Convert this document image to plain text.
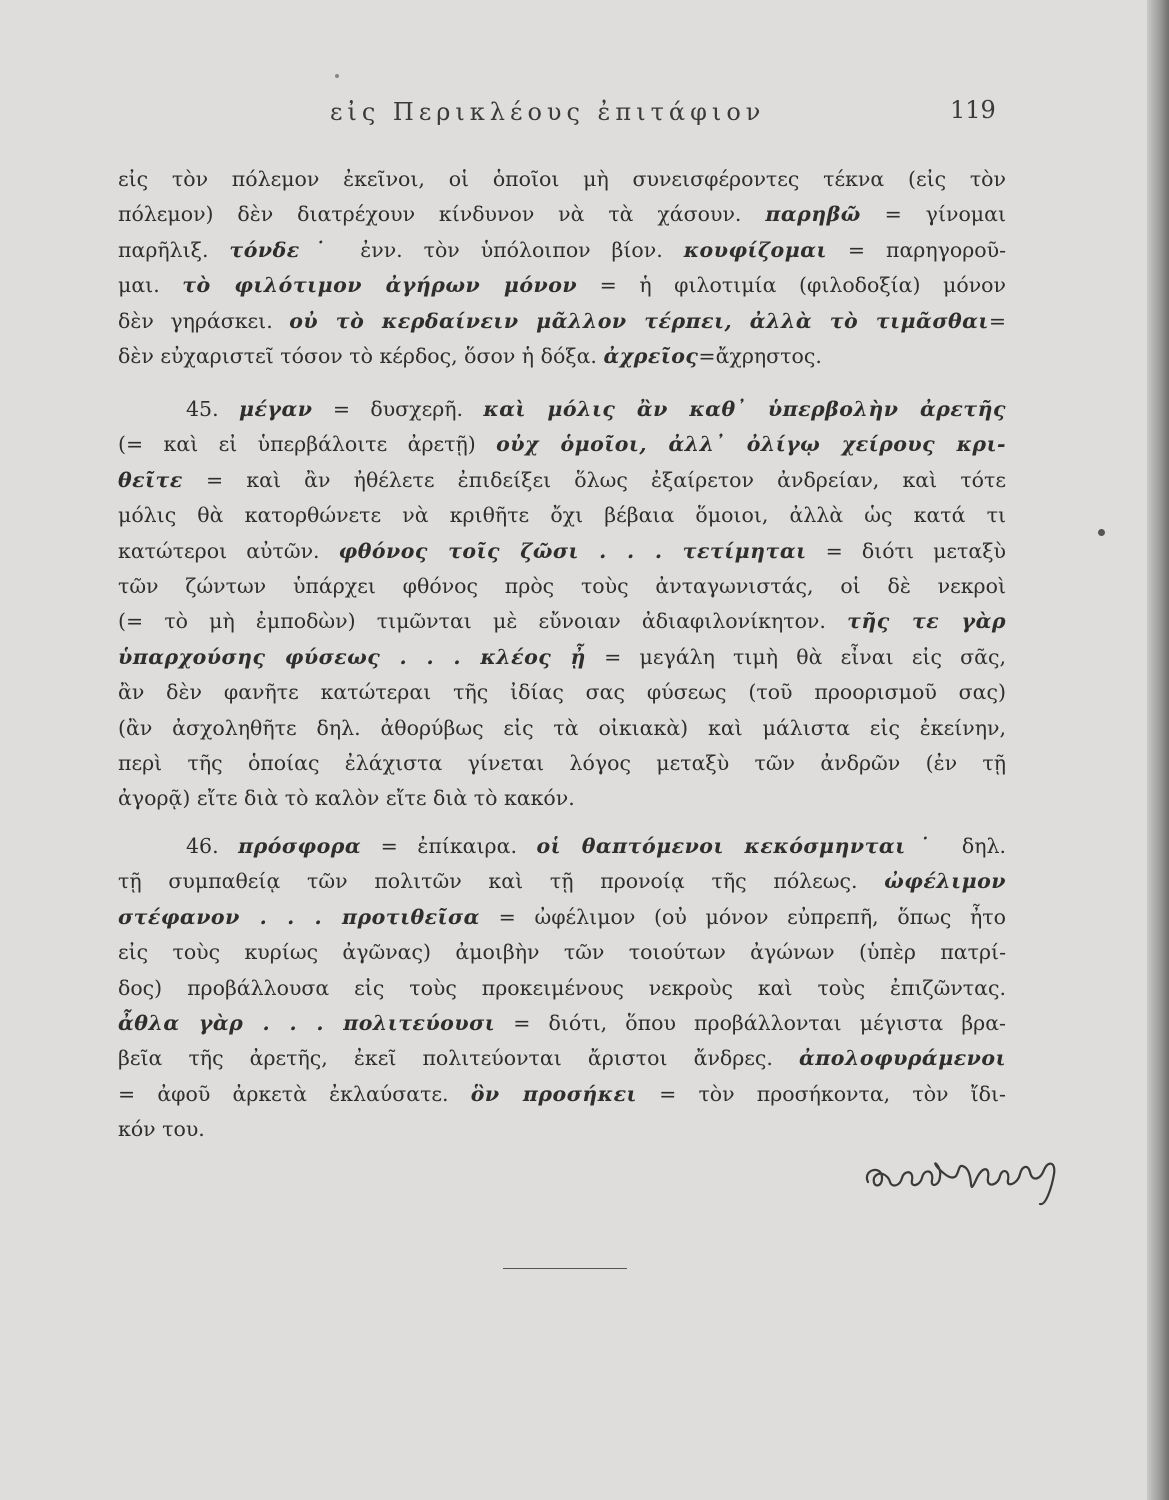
εἰς Περικλέους ἐπιτάφιον	119
εἰς τὸν πόλεμον ἐκεῖνοι, οἱ ὁποῖοι μὴ συνεισφέροντες τέκνα (εἰς τὸν
πόλεμον) δὲν διατρέχουν κίνδυνον νὰ τὰ χάσουν. παρηβῶ = γίνομαι
παρῆλιξ. τόνδε˙ ἐνν. τὸν ὑπόλοιπον βίον. κουφίζομαι = παρηγοροῦ-
μαι. τὸ φιλότιμον ἀγήρων μόνον = ἡ φιλοτιμία (φιλοδοξία) μόνον
δὲν γηράσκει. οὐ τὸ κερδαίνειν μᾶλλον τέρπει, ἀλλὰ τὸ τιμᾶσθαι=
δὲν εὐχαριστεῖ τόσον τὸ κέρδος, ὅσον ἡ δόξα. ἀχρεῖος=ἄχρηστος.
45. μέγαν = δυσχερῆ. καὶ μόλις ἂν καθ᾽ ὑπερβολὴν ἀρετῆς
(= καὶ εἰ ὑπερβάλοιτε ἀρετῇ) οὐχ ὁμοῖοι, ἀλλ᾽ ὀλίγῳ χείρους κρι-
θεῖτε = καὶ ἂν ἠθέλετε ἐπιδείξει ὅλως ἐξαίρετον ἀνδρείαν, καὶ τότε
μόλις θὰ κατορθώνετε νὰ κριθῆτε ὄχι βέβαια ὅμοιοι, ἀλλὰ ὡς κατά τι
κατώτεροι αὐτῶν. φθόνος τοῖς ζῶσι . . . τετίμηται = διότι μεταξὺ
τῶν ζώντων ὑπάρχει φθόνος πρὸς τοὺς ἀνταγωνιστάς, οἱ δὲ νεκροὶ
(= τὸ μὴ ἐμποδὼν) τιμῶνται μὲ εὔνοιαν ἀδιαφιλονίκητον. τῆς τε γὰρ
ὑπαρχούσης φύσεως . . . κλέος ᾖ = μεγάλη τιμὴ θὰ εἶναι εἰς σᾶς,
ἂν δὲν φανῆτε κατώτεραι τῆς ἰδίας σας φύσεως (τοῦ προορισμοῦ σας)
(ἂν ἀσχοληθῆτε δηλ. ἀθορύβως εἰς τὰ οἰκιακὰ) καὶ μάλιστα εἰς ἐκείνην,
περὶ τῆς ὁποίας ἐλάχιστα γίνεται λόγος μεταξὺ τῶν ἀνδρῶν (ἐν τῇ
ἀγορᾷ) εἴτε διὰ τὸ καλὸν εἴτε διὰ τὸ κακόν.
46. πρόσφορα = ἐπίκαιρα. οἱ θαπτόμενοι κεκόσμηνται˙ δηλ.
τῇ συμπαθείᾳ τῶν πολιτῶν καὶ τῇ προνοίᾳ τῆς πόλεως. ὠφέλιμον
στέφανον . . . προτιθεῖσα = ὠφέλιμον (οὐ μόνον εὐπρεπῆ, ὅπως ἦτο
εἰς τοὺς κυρίως ἀγῶνας) ἀμοιβὴν τῶν τοιούτων ἀγώνων (ὑπὲρ πατρί-
δος) προβάλλουσα εἰς τοὺς προκειμένους νεκροὺς καὶ τοὺς ἐπιζῶντας.
ἆθλα γὰρ . . . πολιτεύουσι = διότι, ὅπου προβάλλονται μέγιστα βρα-
βεῖα τῆς ἀρετῆς, ἐκεῖ πολιτεύονται ἄριστοι ἄνδρες. ἀπολοφυράμενοι
= ἀφοῦ ἀρκετὰ ἐκλαύσατε. ὃν προσήκει = τὸν προσήκοντα, τὸν ἴδι-
κόν του.
